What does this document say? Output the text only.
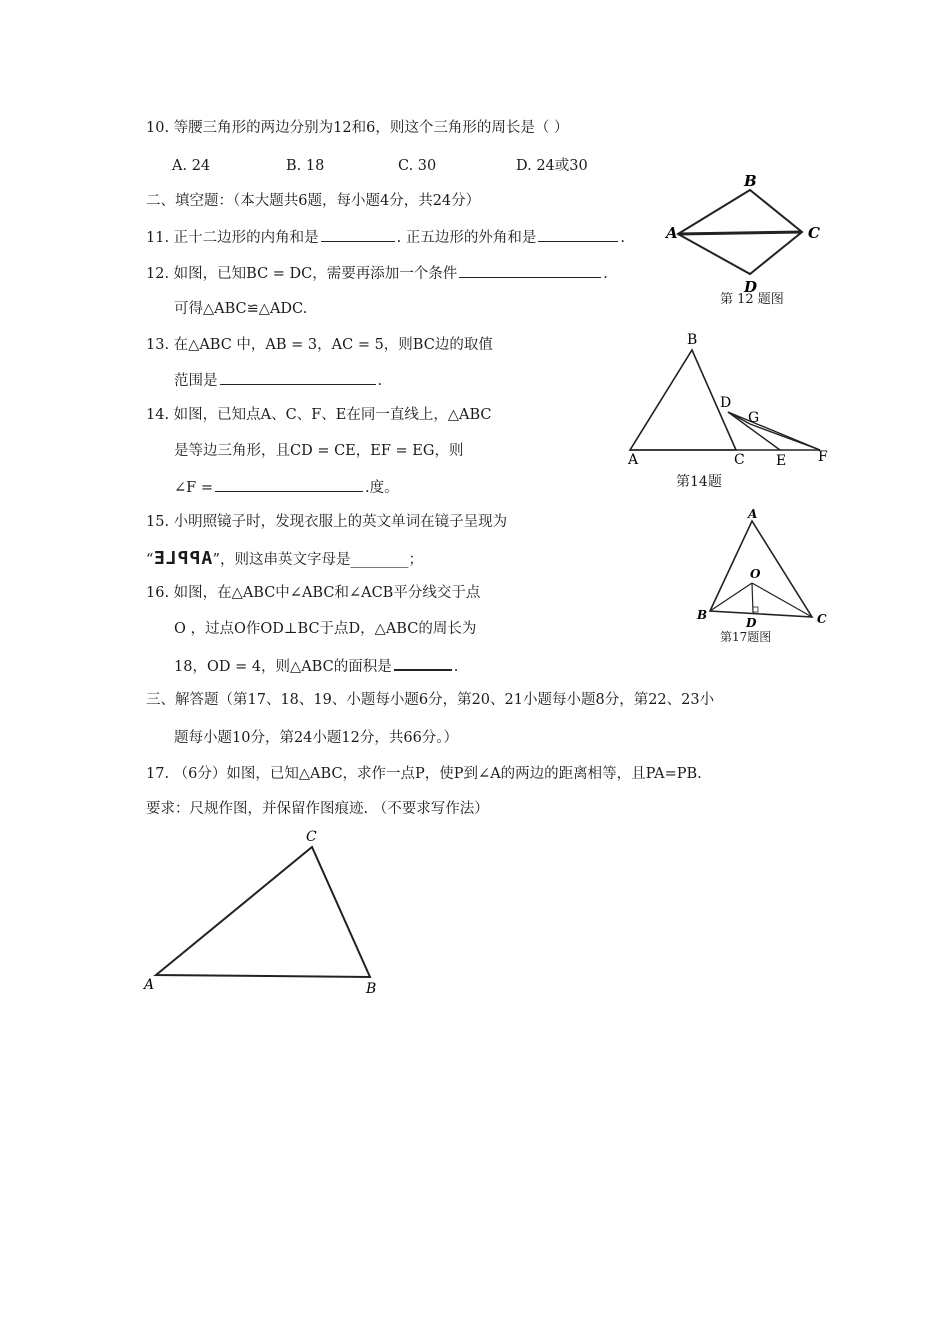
10. 等腰三角形的两边分别为12和6，则这个三角形的周长是（ ）
A. 24	B. 18	C. 30	D. 24或30
二、填空题：（本大题共6题，每小题4分，共24分）
11. 正十二边形的内角和是	. 正五边形的外角和是	.
12. 如图，已知BC = DC，需要再添加一个条件	.
可得△ABC≌△ADC.
13. 在△ABC 中，AB = 3，AC = 5，则BC边的取值
范围是	.
14. 如图，已知点A、C、F、E在同一直线上，△ABC
是等边三角形，且CD = CE，EF = EG，则
∠F =	.度。
15. 小明照镜子时，发现衣服上的英文单词在镜子呈现为
“APPLE”，则这串英文字母是________；
16. 如图，在△ABC中∠ABC和∠ACB平分线交于点
O ，过点O作OD⊥BC于点D，△ABC的周长为
18，OD = 4，则△ABC的面积是	.
三、解答题（第17、18、19、小题每小题6分，第20、21小题每小题8分，第22、23小
题每小题10分，第24小题12分，共66分。）
17. （6分）如图，已知△ABC，求作一点P，使P到∠A的两边的距离相等，且PA=PB.
要求：尺规作图，并保留作图痕迹. （不要求写作法）
A
B
C
D
第 12 题图
A
B
C
D
E F
G
第14题
A
B	C
O
D
第17题图
A	B
C
